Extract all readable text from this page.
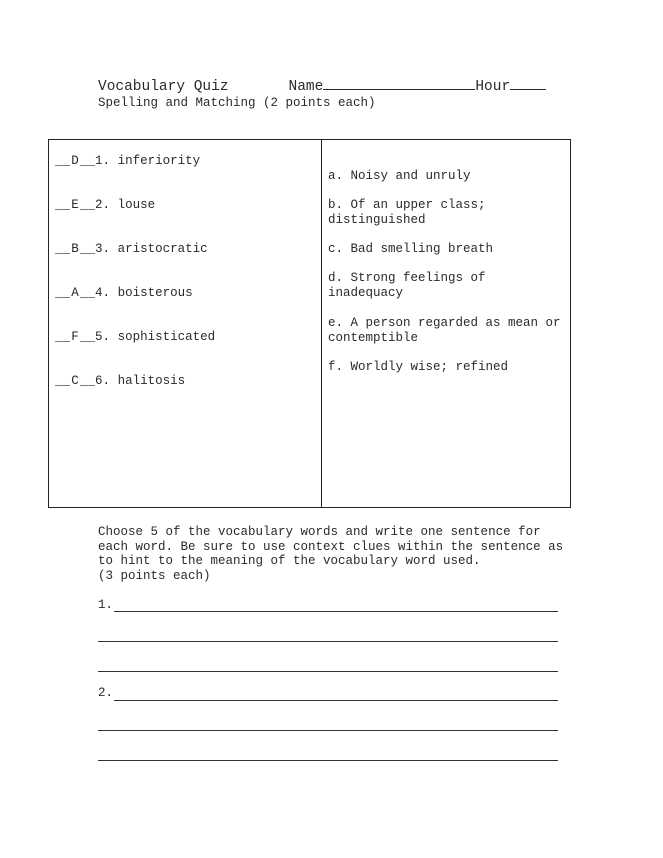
Vocabulary Quiz	Name	Hour
Spelling and Matching (2 points each)
__D__1. inferiority
__E__2. louse
__B__3. aristocratic
__A__4. boisterous
__F__5. sophisticated
__C__6. halitosis
a. Noisy and unruly
b. Of an upper class; distinguished
c. Bad smelling breath
d. Strong feelings of inadequacy
e. A person regarded as mean or contemptible
f. Worldly wise; refined
Choose 5 of the vocabulary words and write one sentence for each word. Be sure to use context clues within the sentence as to hint to the meaning of the vocabulary word used.
(3 points each)
1.
2.
